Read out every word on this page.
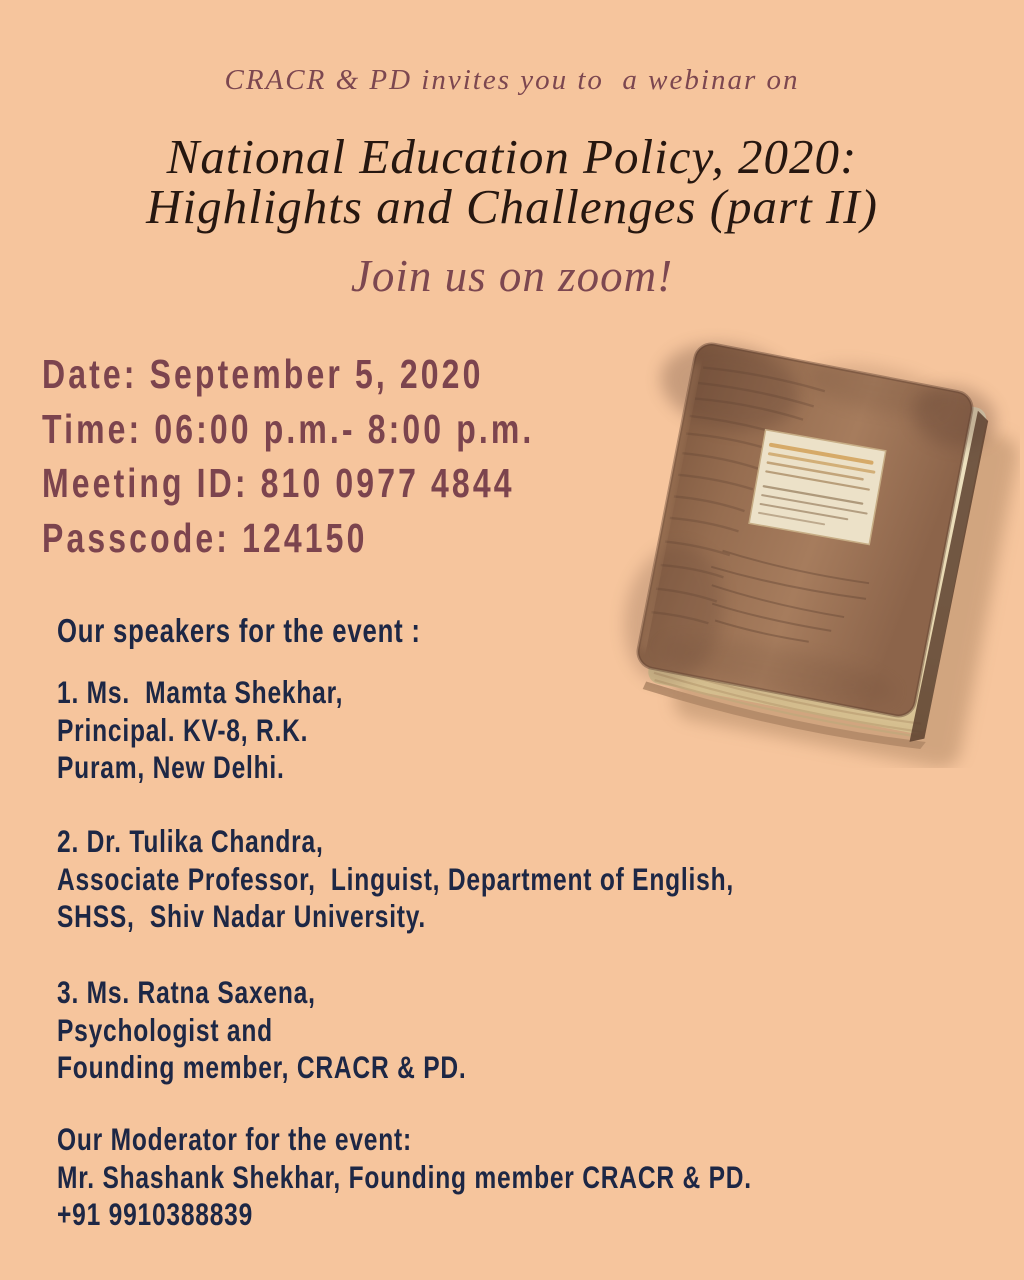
CRACR & PD invites you to  a webinar on
National Education Policy, 2020:
Highlights and Challenges (part II)
Join us on zoom!
Date: September 5, 2020
Time: 06:00 p.m.- 8:00 p.m.
Meeting ID: 810 0977 4844
Passcode: 124150
Our speakers for the event :
1. Ms.  Mamta Shekhar,
Principal. KV-8, R.K.
Puram, New Delhi.
2. Dr. Tulika Chandra,
Associate Professor,  Linguist, Department of English,
SHSS,  Shiv Nadar University.
3. Ms. Ratna Saxena,
Psychologist and
Founding member, CRACR & PD.
Our Moderator for the event:
Mr. Shashank Shekhar, Founding member CRACR & PD.
+91 9910388839
